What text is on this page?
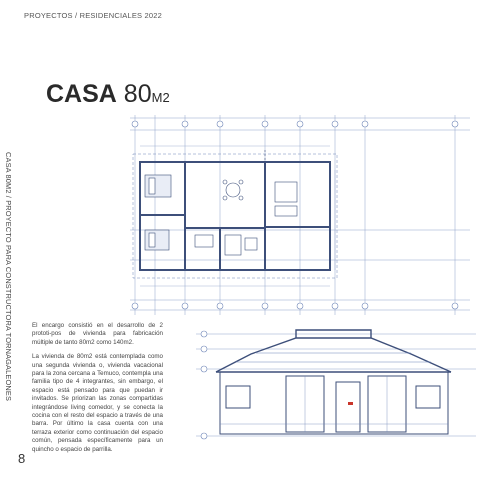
PROYECTOS / RESIDENCIALES 2022
CASA 80M2 / PROYECTO PARA CONSTRUCTORA TORNAGALEONES
CASA 80M2

El encargo consistió en el desarrollo de 2 prototi-pos de vivienda para fabricación múltiple de tanto 80m2 como 140m2.

La vivienda de 80m2 está contemplada como una segunda vivienda o, vivienda vacacional para la zona cercana a Temuco, contempla una familia tipo de 4 integrantes, sin embargo, el espacio está pensado para que puedan ir invitados. Se priorizan las zonas compartidas integrándose living comedor, y se conecta la cocina con el resto del espacio a través de una barra. Por último la casa cuenta con una terraza exterior como continuación del espacio común, pensada específicamente para un quincho o espacio de parrilla.

8
